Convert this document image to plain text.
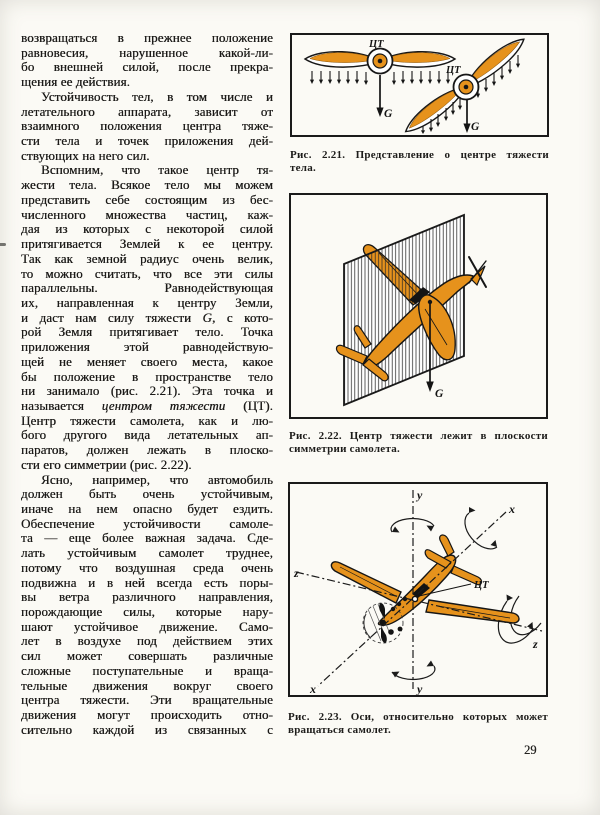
возвращаться в прежнее положение
равновесия, нарушенное какой-ли-
бо внешней силой, после прекра-
щения ее действия.
Устойчивость тел, в том числе и
летательного аппарата, зависит от
взаимного положения центра тяже-
сти тела и точек приложения дей-
ствующих на него сил.
Вспомним, что такое центр тя-
жести тела. Всякое тело мы можем
представить себе состоящим из бес-
численного множества частиц, каж-
дая из которых с некоторой силой
притягивается Землей к ее центру.
Так как земной радиус очень велик,
то можно считать, что все эти силы
параллельны. Равнодействующая
их, направленная к центру Земли,
и даст нам силу тяжести G, с кото-
рой Земля притягивает тело. Точка
приложения этой равнодействую-
щей не меняет своего места, какое
бы положение в пространстве тело
ни занимало (рис. 2.21). Эта точка и
называется центром тяжести (ЦТ).
Центр тяжести самолета, как и лю-
бого другого вида летательных ап-
паратов, должен лежать в плоско-
сти его симметрии (рис. 2.22).
Ясно, например, что автомобиль
должен быть очень устойчивым,
иначе на нем опасно будет ездить.
Обеспечение устойчивости самоле-
та — еще более важная задача. Сде-
лать устойчивым самолет труднее,
потому что воздушная среда очень
подвижна и в ней всегда есть поры-
вы ветра различного направления,
порождающие силы, которые нару-
шают устойчивое движение. Само-
лет в воздухе под действием этих
сил может совершать различные
сложные поступательные и враща-
тельные движения вокруг своего
центра тяжести. Эти вращательные
движения могут происходить отно-
сительно каждой из связанных с
ЦТ
G
ЦТ
G
Рис. 2.21. Представление о центре тяжести
тела.
G
Рис. 2.22. Центр тяжести лежит в плоскости
симметрии самолета.
ЦТ
y
y
x
x
z
z
Рис. 2.23. Оси, относительно которых может
вращаться самолет.
29
